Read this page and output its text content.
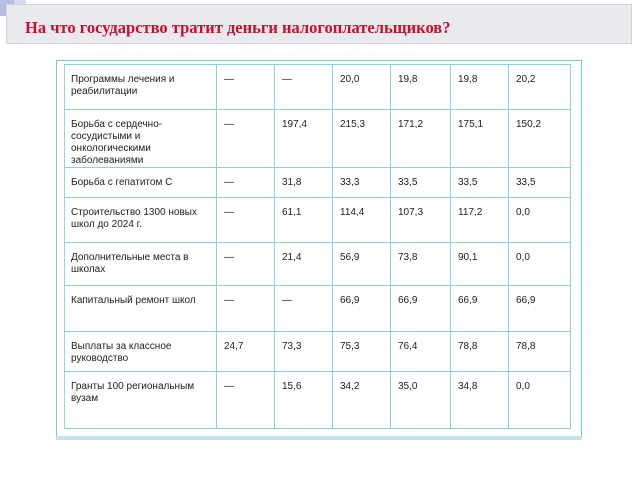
На что государство тратит деньги налогоплательщиков?
Программы лечения и реабилитации	—	—	20,0	19,8	19,8	20,2
Борьба с сердечно-сосудистыми и онкологическими заболеваниями	—	197,4	215,3	171,2	175,1	150,2
Борьба с гепатитом С	—	31,8	33,3	33,5	33,5	33,5
Строительство 1300 новых школ до 2024 г.	—	61,1	114,4	107,3	117,2	0,0
Дополнительные места в школах	—	21,4	56,9	73,8	90,1	0,0
Капитальный ремонт школ	—	—	66,9	66,9	66,9	66,9
Выплаты за классное руководство	24,7	73,3	75,3	76,4	78,8	78,8
Гранты 100 региональным вузам	—	15,6	34,2	35,0	34,8	0,0
